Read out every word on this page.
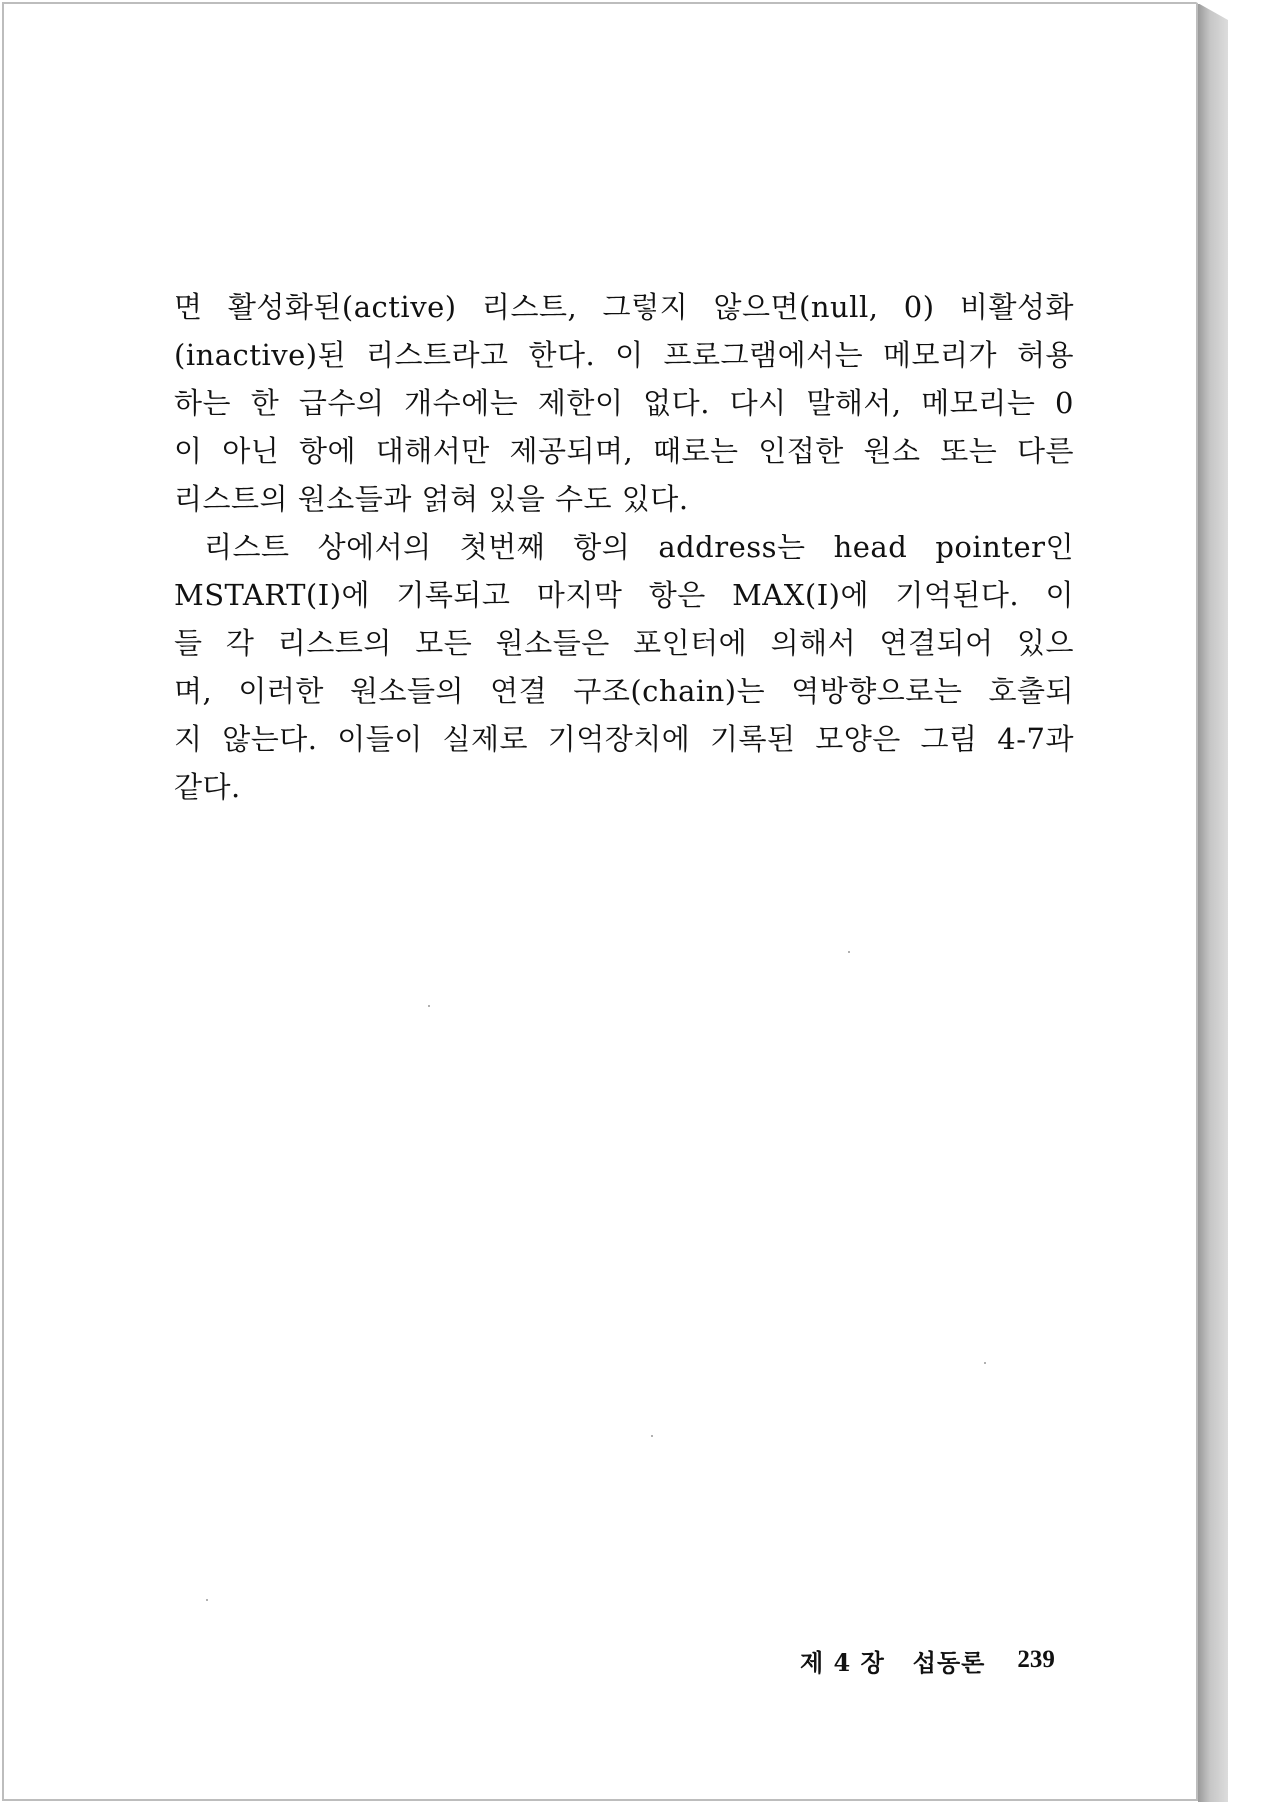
면 활성화된(active) 리스트, 그렇지 않으면(null, 0) 비활성화
(inactive)된 리스트라고 한다. 이 프로그램에서는 메모리가 허용
하는 한 급수의 개수에는 제한이 없다. 다시 말해서, 메모리는 0
이 아닌 항에 대해서만 제공되며, 때로는 인접한 원소 또는 다른
리스트의 원소들과 얽혀 있을 수도 있다.
리스트 상에서의 첫번째 항의 address는 head pointer인
MSTART(I)에 기록되고 마지막 항은 MAX(I)에 기억된다. 이
들 각 리스트의 모든 원소들은 포인터에 의해서 연결되어 있으
며, 이러한 원소들의 연결 구조(chain)는 역방향으로는 호출되
지 않는다. 이들이 실제로 기억장치에 기록된 모양은 그림 4-7과
같다.
제 4 장 섭동론 239
